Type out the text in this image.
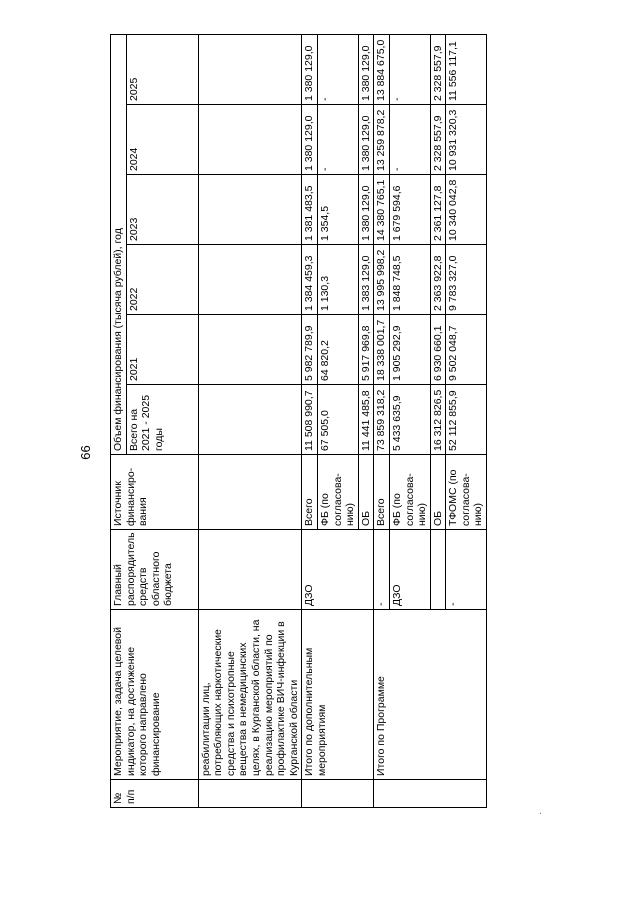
66
№ п/п	Мероприятие, задача целевой индикатор, на достижение которого направлено финансирование	Главный распорядитель средств областного бюджета	Источник финансиро-вания	Объем финансирования (тысяча рублей), год					
				Всего на 2021 - 2025 годы	2021	2022	2023	2024	2025
	реабилитации лиц, потребляющих наркотические средства и психотропные вещества в немедицинских целях, в Курганской области, на реализацию мероприятий по профилактике ВИЧ-инфекции в Курганской области								
	Итого по дополнительным мероприятиям	ДЗО	Всего	11 508 990,7	5 982 789,9	1 384 459,3	1 381 483,5	1 380 129,0	1 380 129,0
			ФБ (по согласова-нию)	67 505,0	64 820,2	1 130,3	1 354,5	-	-
			ОБ	11 441 485,8	5 917 969,8	1 383 129,0	1 380 129,0	1 380 129,0	1 380 129,0
	Итого по Программе	-	Всего	73 859 318,2	18 338 001,7	13 995 998,2	14 380 765,1	13 259 878,2	13 884 675,0
		ДЗО	ФБ (по согласова-нию)	5 433 635,9	1 905 292,9	1 848 748,5	1 679 594,6	-	-
			ОБ	16 312 826,5	6 930 660,1	2 363 922,8	2 361 127,8	2 328 557,9	2 328 557,9
		-	ТФОМС (по согласова-нию)	52 112 855,9	9 502 048,7	9 783 327,0	10 340 042,8	10 931 320,3	11 556 117,1
·
